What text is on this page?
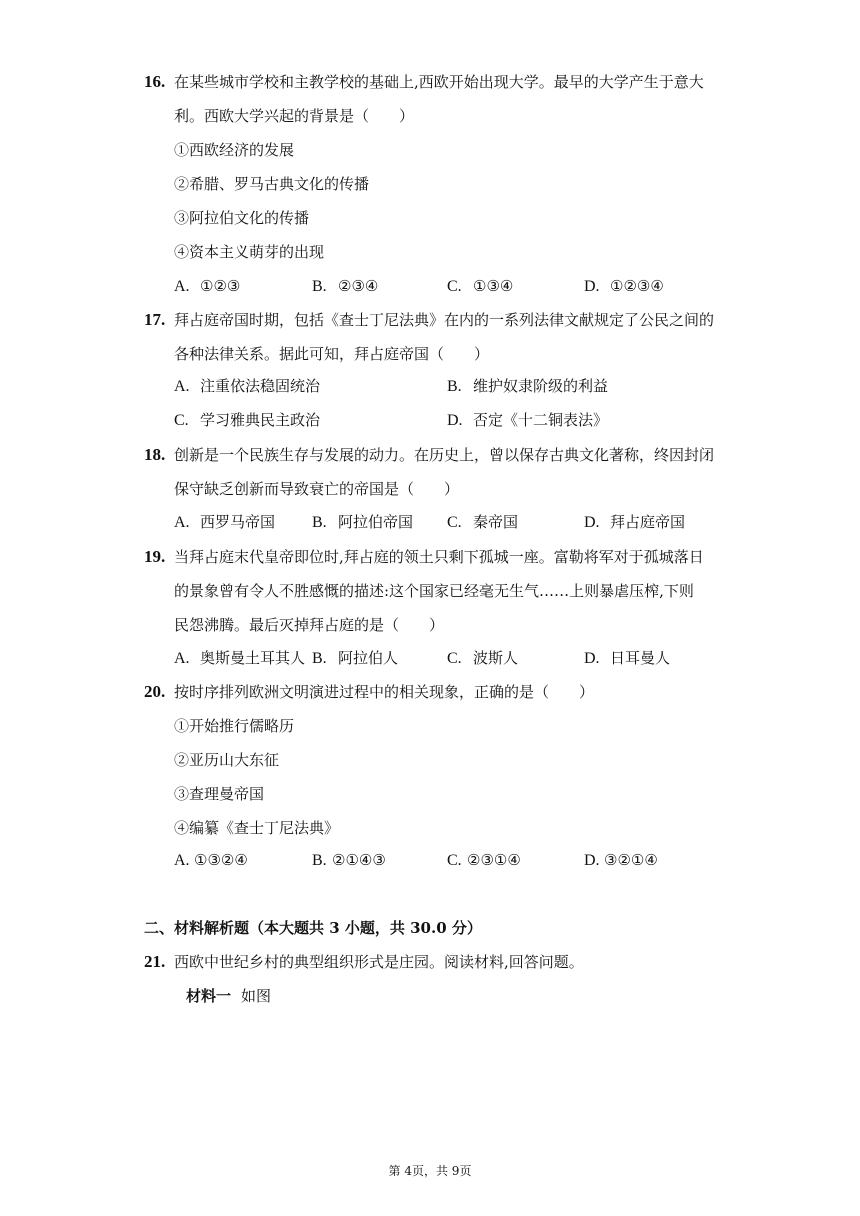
16. 在某些城市学校和主教学校的基础上,西欧开始出现大学。最早的大学产生于意大
利。西欧大学兴起的背景是（　　）
①西欧经济的发展
②希腊、罗马古典文化的传播
③阿拉伯文化的传播
④资本主义萌芽的出现
A. ①②③	B. ②③④	C. ①③④	D. ①②③④
17. 拜占庭帝国时期，包括《查士丁尼法典》在内的一系列法律文献规定了公民之间的
各种法律关系。据此可知，拜占庭帝国（　　）
A. 注重依法稳固统治	B. 维护奴隶阶级的利益
C. 学习雅典民主政治	D. 否定《十二铜表法》
18. 创新是一个民族生存与发展的动力。在历史上，曾以保存古典文化著称，终因封闭
保守缺乏创新而导致衰亡的帝国是（　　）
A. 西罗马帝国 B. 阿拉伯帝国 C. 秦帝国	D. 拜占庭帝国
19. 当拜占庭末代皇帝即位时,拜占庭的领土只剩下孤城一座。富勒将军对于孤城落日
的景象曾有令人不胜感慨的描述:这个国家已经毫无生气‥‥‥上则暴虐压榨,下则
民怨沸腾。最后灭掉拜占庭的是（　　）
A. 奥斯曼土耳其人 B. 阿拉伯人	C. 波斯人	D. 日耳曼人
20. 按时序排列欧洲文明演进过程中的相关现象，正确的是（　　）
①开始推行儒略历
②亚历山大东征
③查理曼帝国
④编纂《查士丁尼法典》
A. ①③②④	B. ②①④③	C. ②③①④	D. ③②①④
二、材料解析题（本大题共 3 小题，共 30.0 分）
21. 西欧中世纪乡村的典型组织形式是庄园。阅读材料,回答问题。
材料一 如图
第 4页，共 9页
